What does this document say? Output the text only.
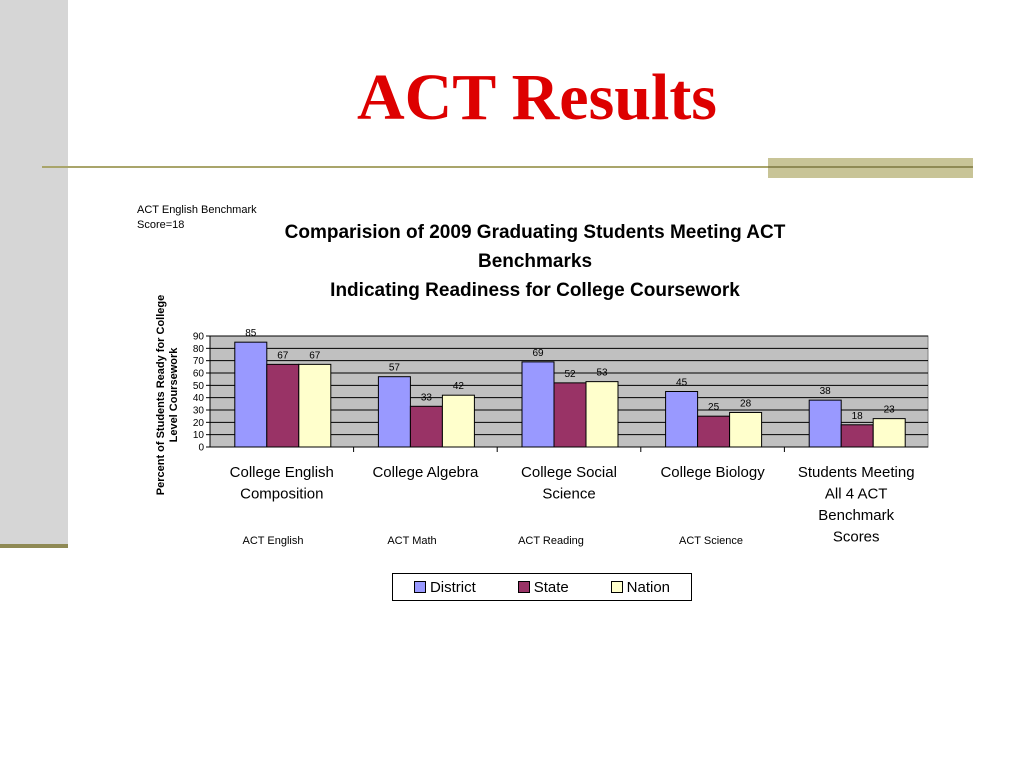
ACT Results
ACT English Benchmark
Score=18	Comparision of 2009 Graduating Students Meeting ACT
Benchmarks
Indicating Readiness for College Coursework
Percent of Students Ready for College Level Coursework
0
10
20
30
40
50
60
70
80
90	85
67 67
College English
Composition
57
33
42
College Algebra
69
52 53
College Social
Science
45
25 28
College Biology
38
18
23
Students Meeting
All 4 ACT
Benchmark
Scores
ACT English	ACT Math	ACT Reading	ACT Science
District	State	Nation
